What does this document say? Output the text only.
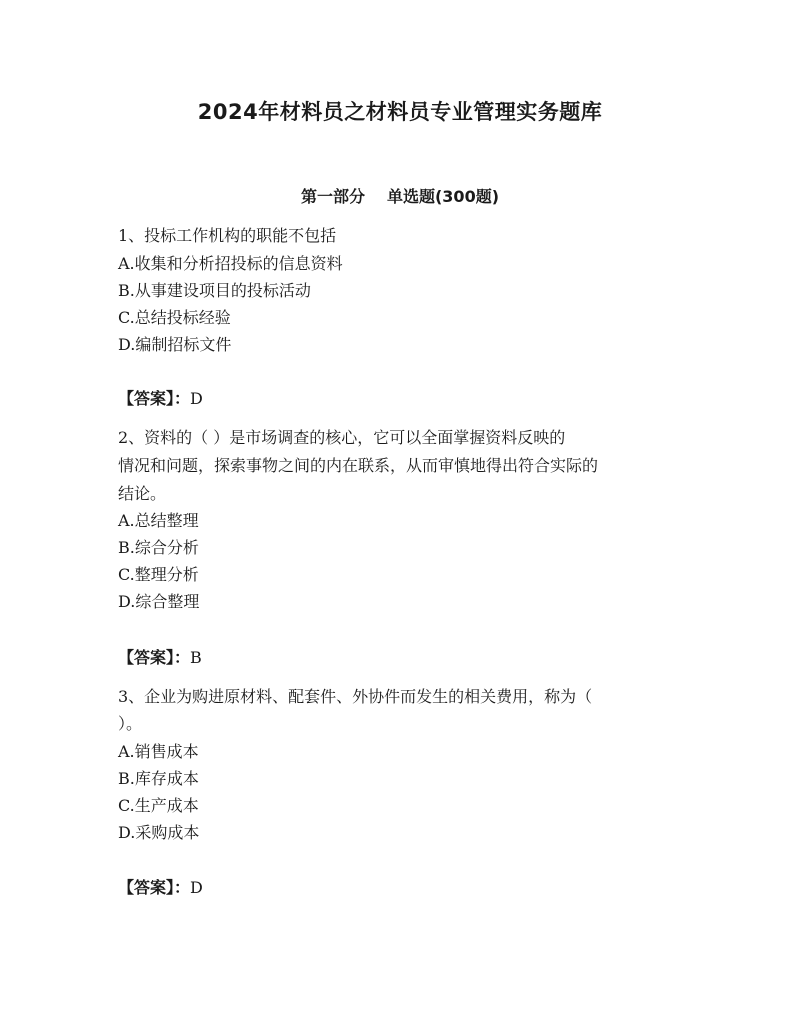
2024年材料员之材料员专业管理实务题库
第一部分 单选题(300题)

1、投标工作机构的职能不包括

A.收集和分析招投标的信息资料

B.从事建设项目的投标活动

C.总结投标经验

D.编制招标文件

【答案】：D

2、资料的（ ）是市场调查的核心，它可以全面掌握资料反映的

情况和问题，探索事物之间的内在联系，从而审慎地得出符合实际的

结论。

A.总结整理

B.综合分析

C.整理分析

D.综合整理

【答案】：B

3、企业为购进原材料、配套件、外协件而发生的相关费用，称为（

）。

A.销售成本

B.库存成本

C.生产成本

D.采购成本

【答案】：D
